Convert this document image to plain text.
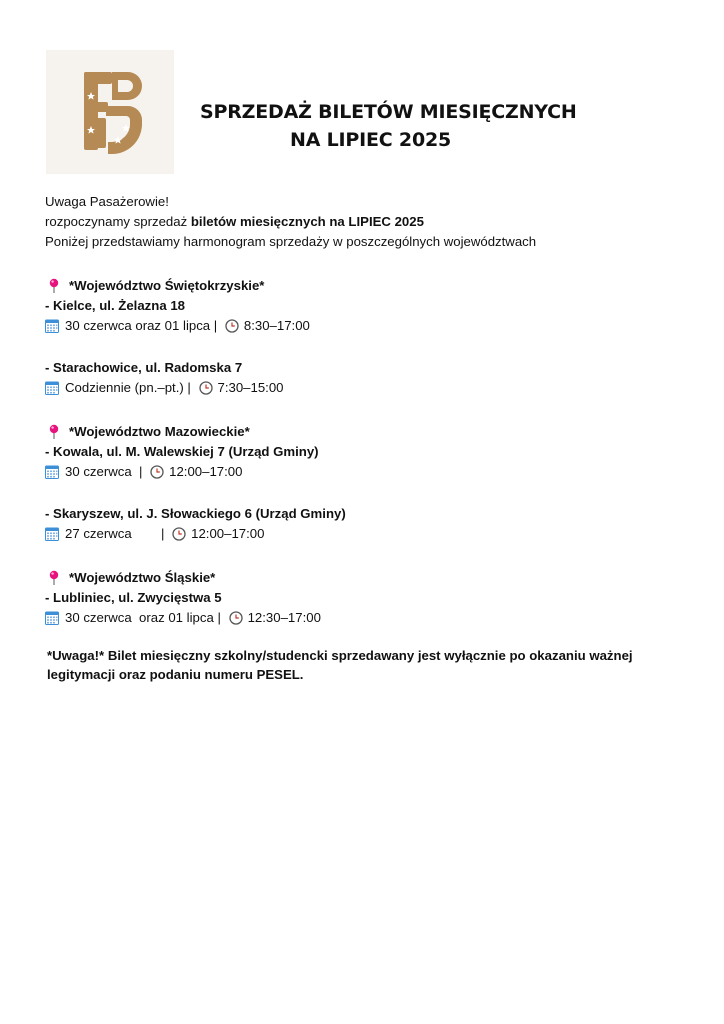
SPRZEDAŻ BILETÓW MIESIĘCZNYCH
NA LIPIEC 2025

Uwaga Pasażerowie!

rozpoczynamy sprzedaż biletów miesięcznych na LIPIEC 2025

Poniżej przedstawiamy harmonogram sprzedaży w poszczególnych województwach

*Województwo Świętokrzyskie*
- Kielce, ul. Żelazna 18
30 czerwca oraz 01 lipca | 8:30–17:00
- Starachowice, ul. Radomska 7
Codziennie (pn.–pt.) | 7:30–15:00
*Województwo Mazowieckie*
- Kowala, ul. M. Walewskiej 7 (Urząd Gminy)
30 czerwca  | 12:00–17:00
- Skaryszew, ul. J. Słowackiego 6 (Urząd Gminy)
27 czerwca        | 12:00–17:00
*Województwo Śląskie*
- Lubliniec, ul. Zwycięstwa 5
30 czerwca  oraz 01 lipca | 12:30–17:00
*Uwaga!* Bilet miesięczny szkolny/studencki sprzedawany jest wyłącznie po okazaniu ważnej legitymacji oraz podaniu numeru PESEL.
